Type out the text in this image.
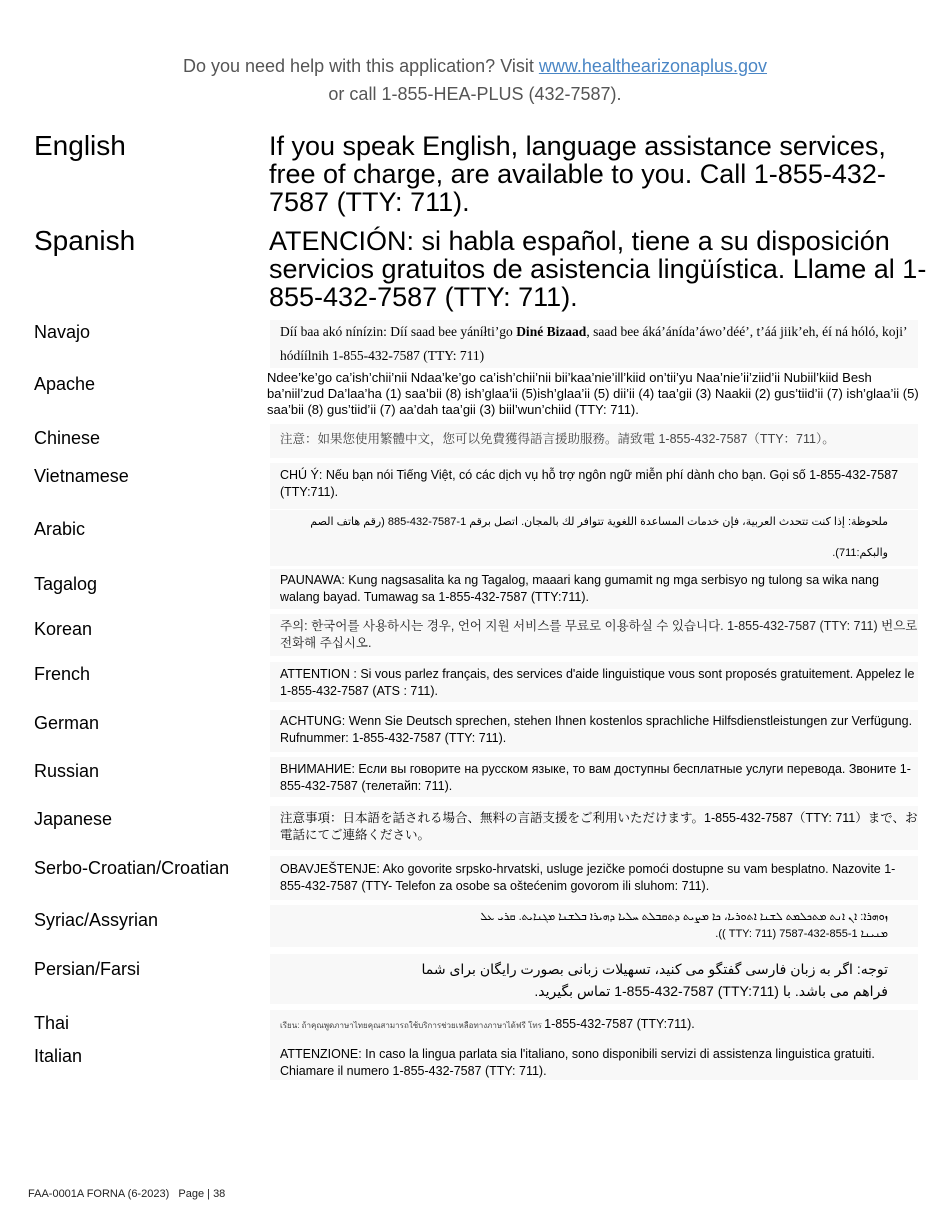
Do you need help with this application? Visit www.healthearizonaplus.gov
or call 1-855-HEA-PLUS (432-7587).
English	If you speak English, language assistance services, free of charge, are available to you. Call 1-855-432-7587 (TTY: 711).
Spanish	ATENCIÓN: si habla español, tiene a su disposición servicios gratuitos de asistencia lingüística. Llame al 1-855-432-7587 (TTY: 711).
Navajo	Díí baa akó nínízin: Díí saad bee yáníłti’go Diné Bizaad, saad bee áká’ánída’áwo’déé’, t’áá jiik’eh, éí ná hóló, koji’ hódíílnih 1-855-432-7587 (TTY: 711)
Apache	Ndee’ke’go ca’ish’chii’nii Ndaa’ke’go ca’ish’chii’nii bii’kaa’nie’ill’kiid on’tii’yu Naa’nie’ii’ziid’ii Nubiil’kiid Besh ba’niil’zud Da’laa’ha (1) saa’bii (8) ish’glaa’ii (5)ish’glaa’ii (5) dii’ii (4) taa’gii (3) Naakii (2) gus’tiid’ii (7) ish’glaa’ii (5) saa’bii (8) gus’tiid’ii (7) aa’dah taa’gii (3) biil’wun’chiid (TTY: 711).
Chinese	注意：如果您使用繁體中文，您可以免費獲得語言援助服務。請致電 1-855-432-7587（TTY：711）。
Vietnamese	CHÚ Ý: Nếu bạn nói Tiếng Việt, có các dịch vụ hỗ trợ ngôn ngữ miễn phí dành cho bạn. Gọi số 1-855-432-7587 (TTY:711).
Arabic	ملحوظة: إذا كنت تتحدث العربية، فإن خدمات المساعدة اللغوية تتوافر لك بالمجان. اتصل برقم 1-7587-432-885 (رقم هاتف الصم
والبكم:711).
Tagalog	PAUNAWA: Kung nagsasalita ka ng Tagalog, maaari kang gumamit ng mga serbisyo ng tulong sa wika nang walang bayad. Tumawag sa 1-855-432-7587 (TTY:711).
Korean	주의: 한국어를 사용하시는 경우, 언어 지원 서비스를 무료로 이용하실 수 있습니다. 1-855-432-7587 (TTY: 711) 번으로 전화해 주십시오.
French	ATTENTION : Si vous parlez français, des services d'aide linguistique vous sont proposés gratuitement. Appelez le 1-855-432-7587 (ATS : 711).
German	ACHTUNG: Wenn Sie Deutsch sprechen, stehen Ihnen kostenlos sprachliche Hilfsdienstleistungen zur Verfügung. Rufnummer: 1-855-432-7587 (TTY: 711).
Russian	ВНИМАНИЕ: Если вы говорите на русском языке, то вам доступны бесплатные услуги перевода. Звоните 1-855-432-7587 (телетайп: 711).
Japanese	注意事項：日本語を話される場合、無料の言語支援をご利用いただけます。1-855-432-7587（TTY: 711）まで、お電話にてご連絡ください。
Serbo-Croatian/Croatian	OBAVJEŠTENJE: Ako govorite srpsko-hrvatski, usluge jezičke pomoći dostupne su vam besplatno. Nazovite 1-855-432-7587 (TTY- Telefon za osobe sa oštećenim govorom ili sluhom: 711).
Syriac/Assyrian	ܙܘܗܪܐ: ܐܢ ܐܢܬ ܡܬܟܠܡܬ ܠܫܢܐ ܐܬܘܪܝܐ، ܟܐ ܡܨܝܬ ܕܬܩܒܠܬ ܚܠܝܐ ܕܗܝܪܐ ܒܠܫܢܐ ܡܓܢܐܝܬ. ܩܪܝ ܥܠ
ܡܢܝܢܐ 1-855-432-7587 (TTY: 711 )).
Persian/Farsi	توجه: اگر به زبان فارسی گفتگو می کنید، تسهیلات زبانی بصورت رایگان برای شما
فراهم می باشد. با (TTY:711) 1-855-432-7587 تماس بگیرید.
Thai	เรียน: ถ้าคุณพูดภาษาไทยคุณสามารถใช้บริการช่วยเหลือทางภาษาได้ฟรี โทร 1-855-432-7587 (TTY:711).
Italian	ATTENZIONE: In caso la lingua parlata sia l'italiano, sono disponibili servizi di assistenza linguistica gratuiti. Chiamare il numero 1-855-432-7587 (TTY: 711).
FAA-0001A FORNA (6-2023) Page | 38
